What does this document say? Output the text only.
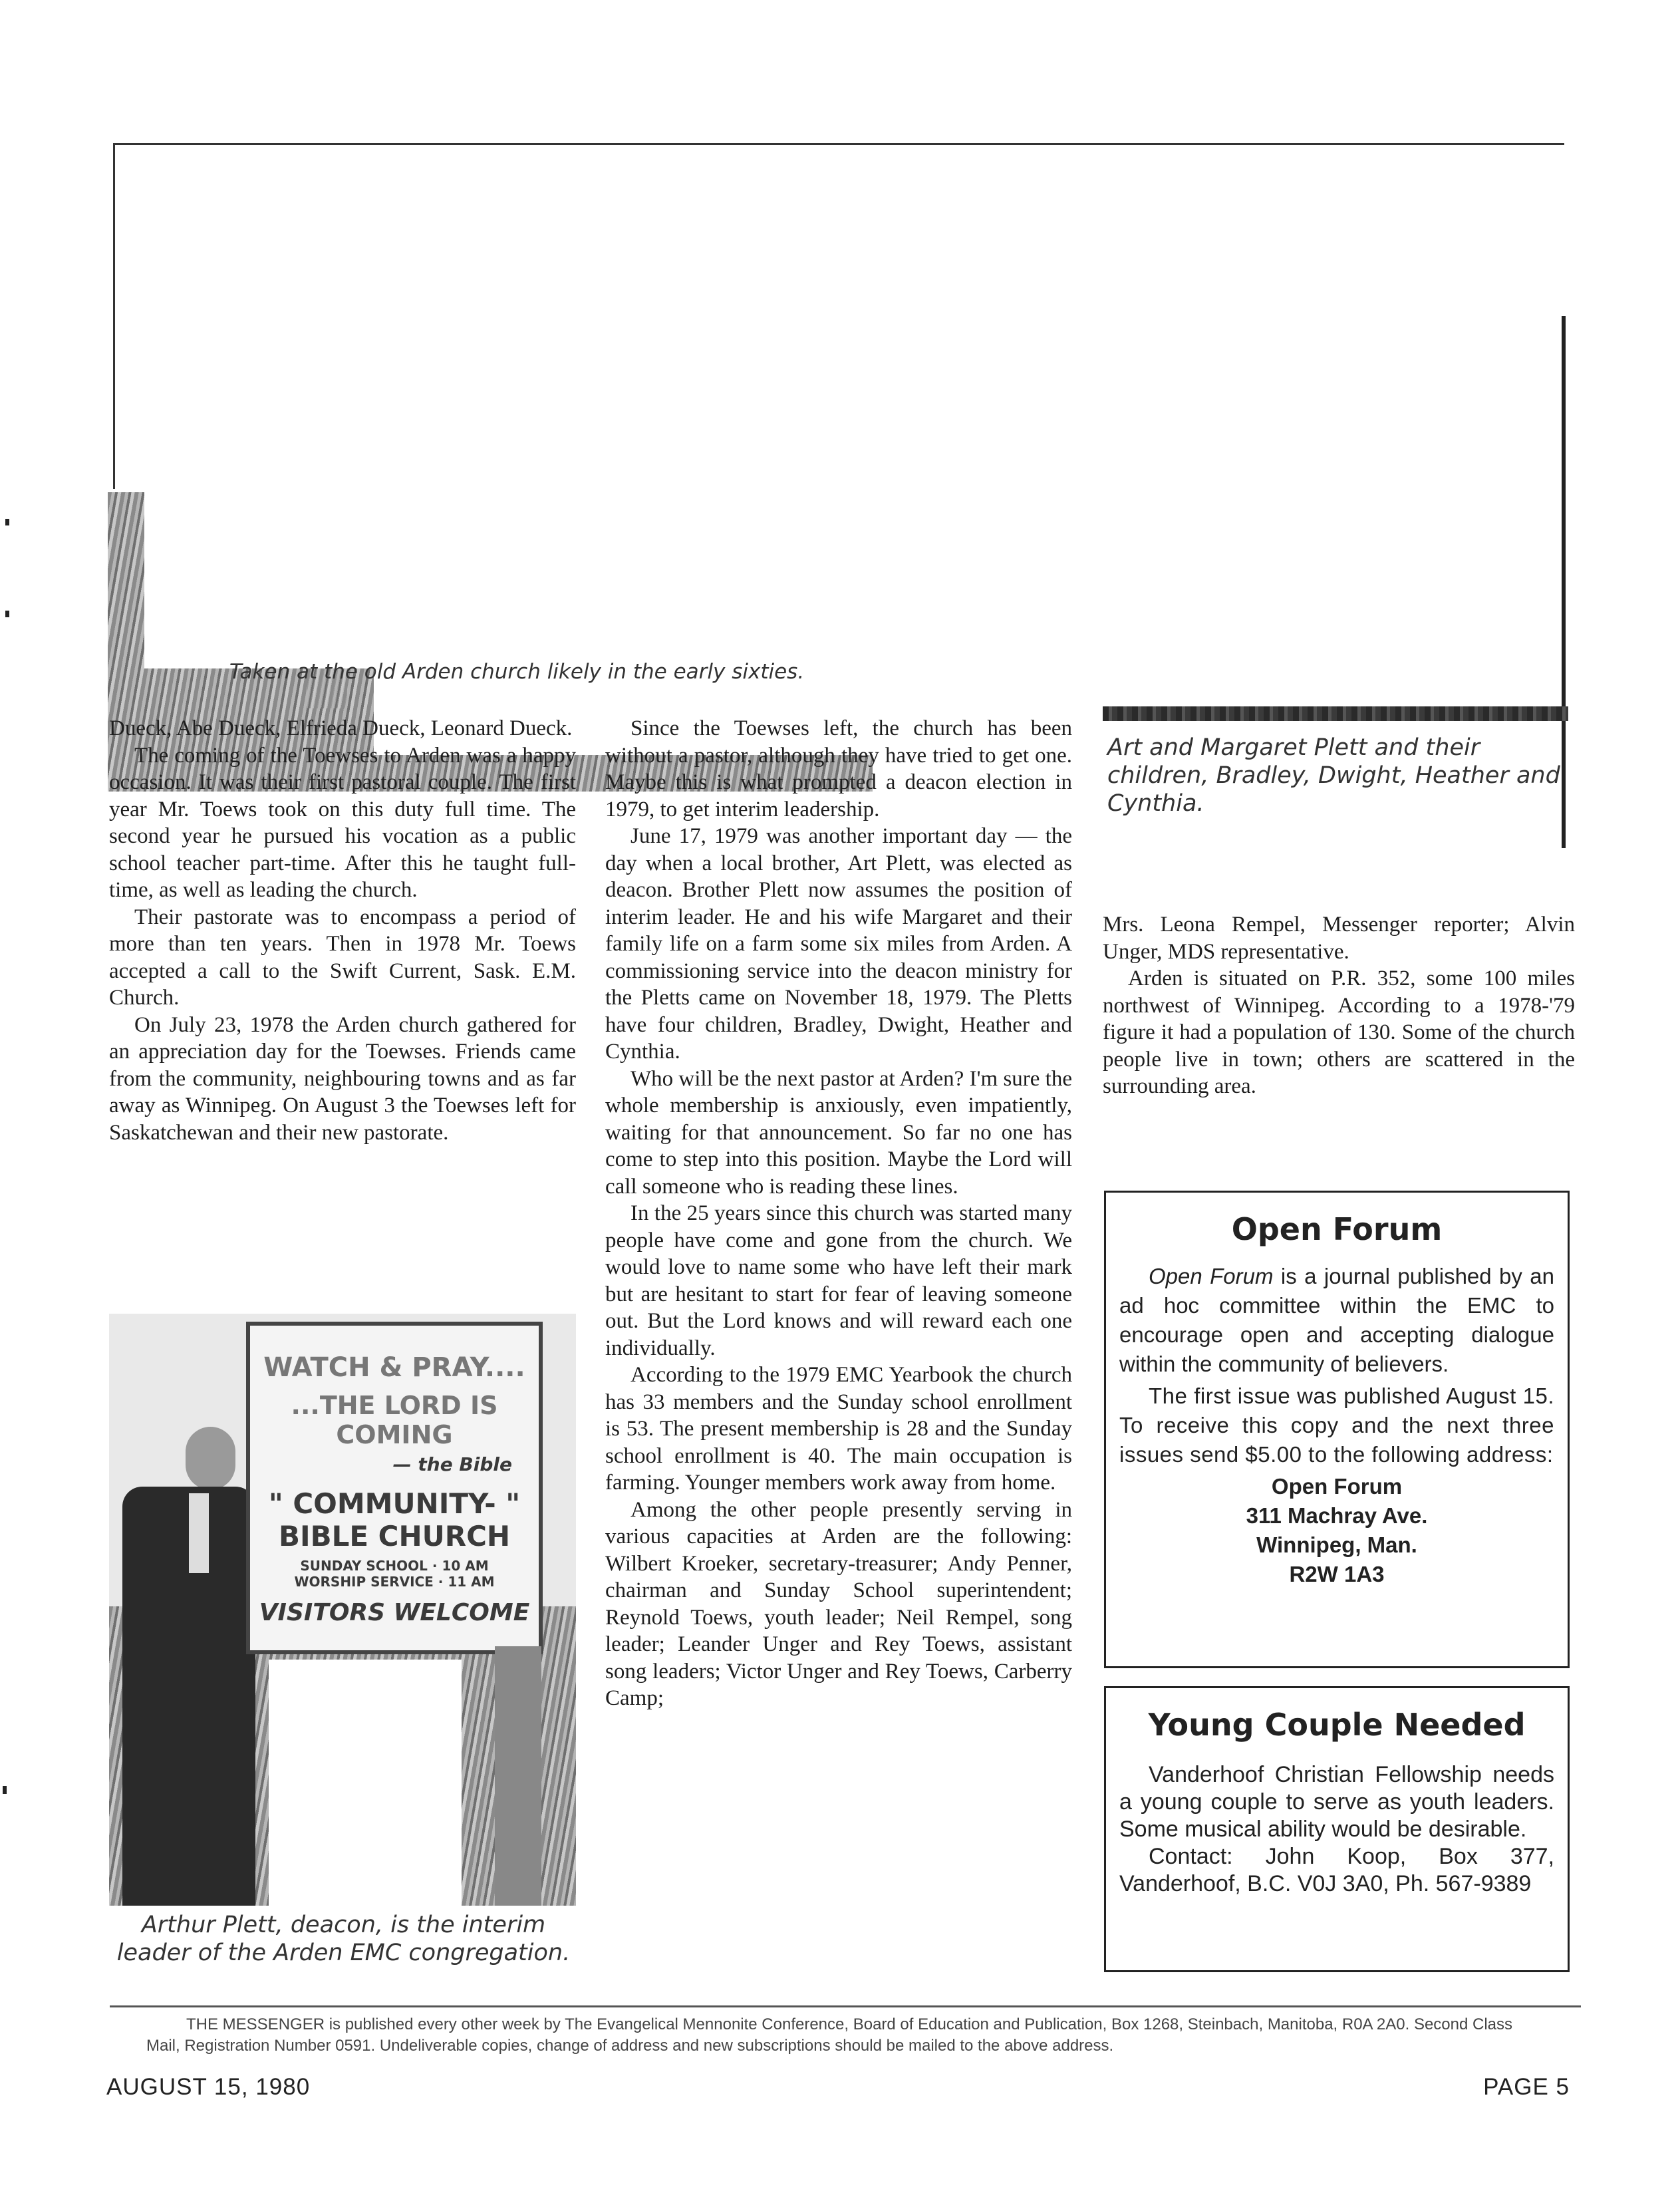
Taken at the old Arden church likely in the early sixties.
Art and Margaret Plett and their children, Bradley, Dwight, Heather and Cynthia.

Dueck, Abe Dueck, Elfrieda Dueck, Leonard Dueck.

The coming of the Toewses to Arden was a happy occasion. It was their first pastoral couple. The first year Mr. Toews took on this duty full time. The second year he pursued his vocation as a public school teacher part-time. After this he taught full-time, as well as leading the church.

Their pastorate was to encompass a period of more than ten years. Then in 1978 Mr. Toews accepted a call to the Swift Current, Sask. E.M. Church.

On July 23, 1978 the Arden church gathered for an appreciation day for the Toewses. Friends came from the community, neighbouring towns and as far away as Winnipeg. On August 3 the Toewses left for Saskatchewan and their new pastorate.

WATCH & PRAY....
...THE LORD IS COMING
— the Bible
" COMMUNITY- "
BIBLE CHURCH
SUNDAY SCHOOL · 10 AM
WORSHIP SERVICE · 11 AM
VISITORS WELCOME
Arthur Plett, deacon, is the interim leader of the Arden EMC congregation.

Since the Toewses left, the church has been without a pastor, although they have tried to get one. Maybe this is what prompted a deacon election in 1979, to get interim leadership.

June 17, 1979 was another important day — the day when a local brother, Art Plett, was elected as deacon. Brother Plett now assumes the position of interim leader. He and his wife Margaret and their family life on a farm some six miles from Arden. A commissioning service into the deacon ministry for the Pletts came on November 18, 1979. The Pletts have four children, Bradley, Dwight, Heather and Cynthia.

Who will be the next pastor at Arden? I'm sure the whole membership is anxiously, even impatiently, waiting for that announcement. So far no one has come to step into this position. Maybe the Lord will call someone who is reading these lines.

In the 25 years since this church was started many people have come and gone from the church. We would love to name some who have left their mark but are hesitant to start for fear of leaving someone out. But the Lord knows and will reward each one individually.

According to the 1979 EMC Yearbook the church has 33 members and the Sunday school enrollment is 53. The present membership is 28 and the Sunday school enrollment is 40. The main occupation is farming. Younger members work away from home.

Among the other people presently serving in various capacities at Arden are the following: Wilbert Kroeker, secretary-treasurer; Andy Penner, chairman and Sunday School superintendent; Reynold Toews, youth leader; Neil Rempel, song leader; Leander Unger and Rey Toews, assistant song leaders; Victor Unger and Rey Toews, Carberry Camp;

Mrs. Leona Rempel, Messenger reporter; Alvin Unger, MDS representative.

Arden is situated on P.R. 352, some 100 miles northwest of Winnipeg. According to a 1978-'79 figure it had a population of 130. Some of the church people live in town; others are scattered in the surrounding area.

Open Forum

Open Forum is a journal published by an ad hoc committee within the EMC to encourage open and accepting dialogue within the community of believers.

The first issue was published August 15. To receive this copy and the next three issues send $5.00 to the following address:

Open Forum
311 Machray Ave.
Winnipeg, Man.
R2W 1A3
Young Couple Needed

Vanderhoof Christian Fellowship needs a young couple to serve as youth leaders. Some musical ability would be desirable.

Contact: John Koop, Box 377, Vanderhoof, B.C. V0J 3A0, Ph. 567-9389

THE MESSENGER is published every other week by The Evangelical Mennonite Conference, Board of Education and Publication, Box 1268, Steinbach, Manitoba, R0A 2A0. Second Class Mail, Registration Number 0591. Undeliverable copies, change of address and new subscriptions should be mailed to the above address.
AUGUST 15, 1980	PAGE 5
